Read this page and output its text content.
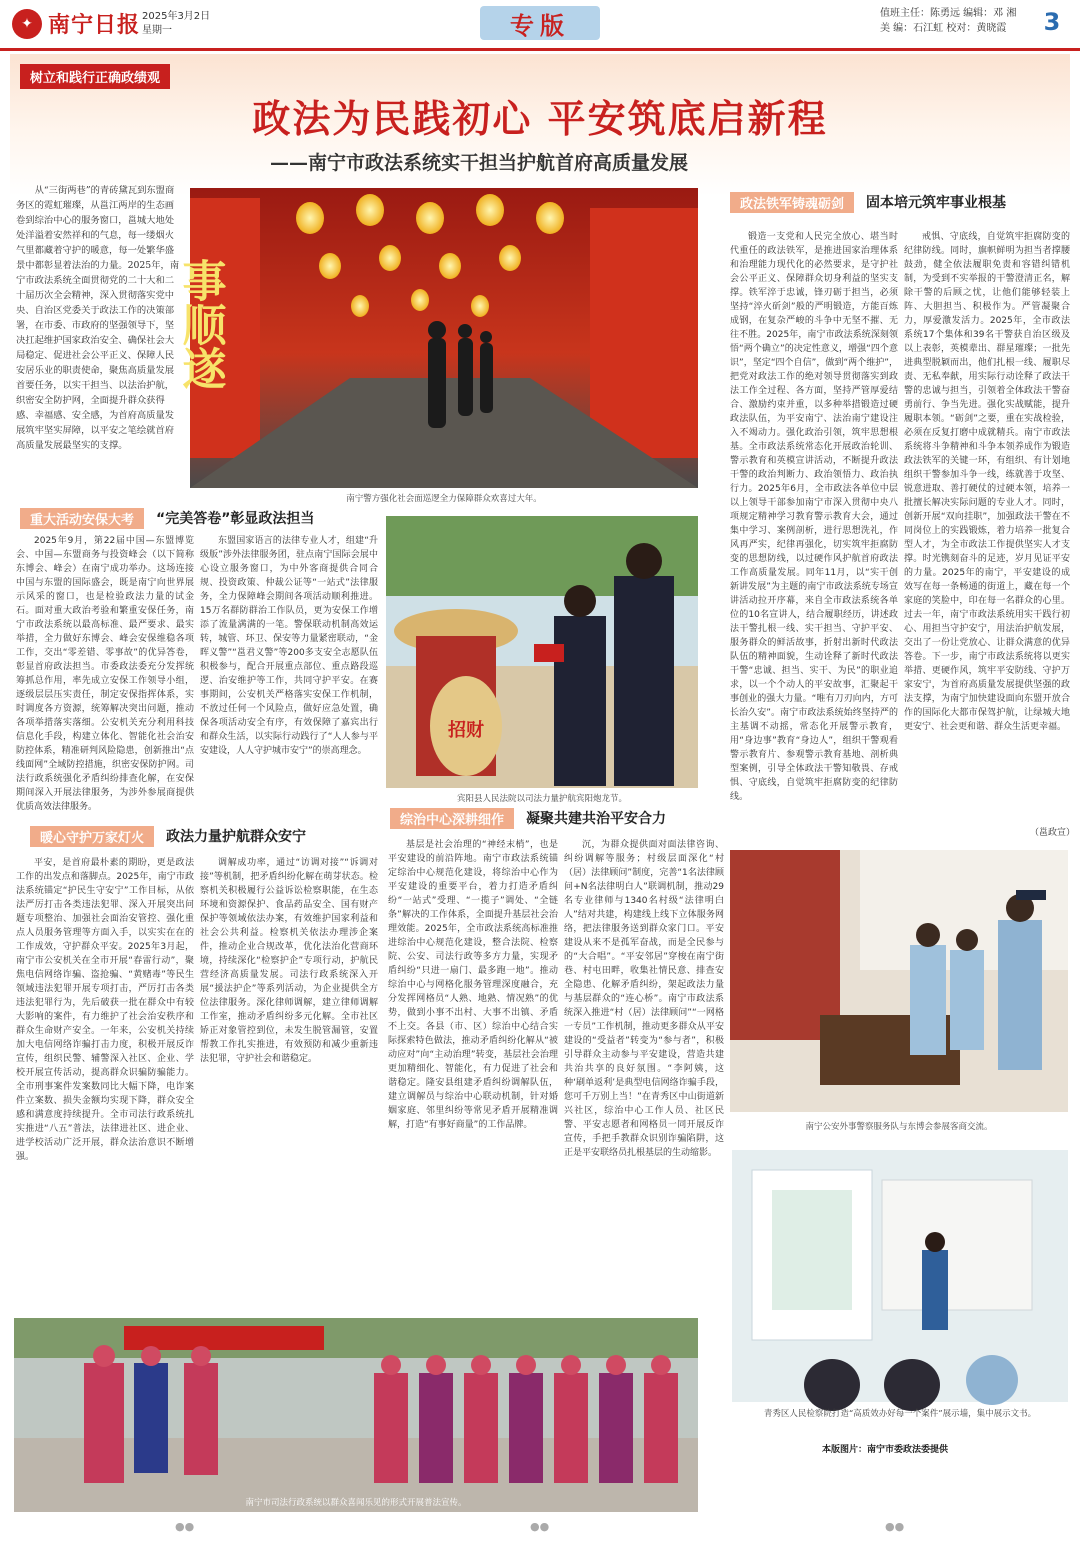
✦ 南宁日报 2025年3月2日
星期一	专版	值班主任：陈勇远 编辑：邓 湘
美 编：石江虹 校对：黄晓霞	3
树立和践行正确政绩观
政法为民践初心 平安筑底启新程
——南宁市政法系统实干担当护航首府高质量发展
从“三街两巷”的青砖黛瓦到东盟商务区的霓虹璀璨，从邕江两岸的生态画卷到综治中心的服务窗口，邕城大地处处洋溢着安然祥和的气息，每一缕烟火气里都藏着守护的暖意，每一处繁华盛景中都彰显着法治的力量。2025年，南宁市政法系统全面贯彻党的二十大和二十届历次全会精神，深入贯彻落实党中央、自治区党委关于政法工作的决策部署，在市委、市政府的坚强领导下，坚决扛起维护国家政治安全、确保社会大局稳定、促进社会公平正义、保障人民安居乐业的职责使命，聚焦高质量发展首要任务，以实干担当、以法治护航，织密安全防护网，全面提升群众获得感、幸福感、安全感，为首府高质量发展筑牢坚实屏障，以平安之笔绘就首府高质量发展最坚实的支撑。
事顺遂
南宁警方强化社会面巡逻全力保障群众欢喜过大年。
政法铁军铸魂砺剑	固本培元筑牢事业根基
锻造一支党和人民完全放心、堪当时代重任的政法铁军，是推进国家治理体系和治理能力现代化的必然要求，是守护社会公平正义、保障群众切身利益的坚实支撑。铁军淬于忠诚，锋刃砺于担当，必须坚持“淬火斫剑”般的严明锻造，方能百炼成钢，在复杂严峻的斗争中无坚不摧、无往不胜。2025年，南宁市政法系统深刻领悟“两个确立”的决定性意义，增强“四个意识”，坚定“四个自信”，做到“两个维护”，把党对政法工作的绝对领导贯彻落实到政法工作全过程、各方面，坚持严管厚爱结合、激励约束并重，以多种举措锻造过硬政法队伍，为平安南宁、法治南宁建设注入不竭动力。强化政治引领，筑牢思想根基。全市政法系统常态化开展政治轮训、警示教育和英模宣讲活动，不断提升政法干警的政治判断力、政治领悟力、政治执行力。2025年6月，全市政法各单位中层以上领导干部参加南宁市深入贯彻中央八项规定精神学习教育警示教育大会，通过集中学习、案例剖析，进行思想洗礼，作风再严实，纪律再强化，切实筑牢拒腐防变的思想防线，以过硬作风护航首府政法工作高质量发展。同年11月，以“实干创新讲发展”为主题的南宁市政法系统专场宣讲活动拉开序幕，来自全市政法系统各单位的10名宣讲人，结合履职经历，讲述政法干警扎根一线、实干担当、守护平安、服务群众的鲜活故事，折射出新时代政法队伍的精神面貌，生动诠释了新时代政法干警“忠诚、担当、实干、为民”的职业追求，以一个个动人的平安故事，汇聚起干事创业的强大力量。“唯有刀刃向内，方可长治久安”。南宁市政法系统始终坚持严的主基调不动摇，常态化开展警示教育，用“身边事”教育“身边人”，组织干警观看警示教育片、参观警示教育基地、剖析典型案例，引导全体政法干警知敬畏、存戒惧、守底线，自觉筑牢拒腐防变的纪律防线。
戒惧、守底线，自觉筑牢拒腐防变的纪律防线。同时，旗帜鲜明为担当者撑腰鼓劲，健全依法履职免责和容错纠错机制，为受到不实举报的干警澄清正名，解除干警的后顾之忧，让他们能够轻装上阵、大胆担当、积极作为。严管凝聚合力，厚爱激发活力。2025年，全市政法系统17个集体和39名干警获自治区级及以上表彰，英模辈出、群星璀璨；一批先进典型脱颖而出，他们扎根一线、履职尽责、无私奉献，用实际行动诠释了政法干警的忠诚与担当，引领着全体政法干警奋勇前行、争当先进。强化实战赋能，提升履职本领。“砺剑”之要，重在实战检验，必须在反复打磨中成就精兵。南宁市政法系统将斗争精神和斗争本领养成作为锻造政法铁军的关键一环，有组织、有计划地组织干警参加斗争一线，练就善于攻坚、锐意进取、善打硬仗的过硬本领，培养一批擅长解决实际问题的专业人才。同时，创新开展“双向挂职”，加强政法干警在不同岗位上的实践锻炼，着力培养一批复合型人才，为全市政法工作提供坚实人才支撑。时光镌刻奋斗的足迹，岁月见证平安的力量。2025年的南宁，平安建设的成效写在每一条畅通的街道上，藏在每一个家庭的笑脸中，印在每一名群众的心里。过去一年，南宁市政法系统用实干践行初心、用担当守护安宁，用法治护航发展，交出了一份让党放心、让群众满意的优异答卷。下一步，南宁市政法系统将以更实举措、更硬作风，筑牢平安防线、守护万家安宁，为首府高质量发展提供坚强的政法支撑，为南宁加快建设面向东盟开放合作的国际化大都市保驾护航，让绿城大地更安宁、社会更和谐、群众生活更幸福。
（邕政宣）
重大活动安保大考	“完美答卷”彰显政法担当
2025年9月，第22届中国—东盟博览会、中国—东盟商务与投资峰会（以下简称东博会、峰会）在南宁成功举办。这场连接中国与东盟的国际盛会，既是南宁向世界展示风采的窗口，也是检验政法力量的试金石。面对重大政治考验和繁重安保任务，南宁市政法系统以最高标准、最严要求、最实举措，全力做好东博会、峰会安保维稳各项工作，交出“零差错、零事故”的优异答卷，彰显首府政法担当。市委政法委充分发挥统筹抓总作用，率先成立安保工作领导小组，逐级层层压实责任，制定安保指挥体系，实时调度各方资源，统筹解决突出问题，推动各项举措落实落细。公安机关充分利用科技信息化手段，构建立体化、智能化社会治安防控体系，精准研判风险隐患，创新推出“点线面网”全域防控措施，织密安保防护网。司法行政系统强化矛盾纠纷排查化解，在安保期间深入开展法律服务，为涉外参展商提供优质高效法律服务。
东盟国家语言的法律专业人才，组建“升级版”涉外法律服务团，驻点南宁国际会展中心设立服务窗口，为中外客商提供合同合规、投资政策、仲裁公证等“一站式”法律服务，全力保障峰会期间各项活动顺利推进。15万名群防群治工作队员，更为安保工作增添了流量满满的一笔。警保联动机制高效运转，城管、环卫、保安等力量紧密联动，“金晖义警”“邕君义警”等200多支安全志愿队伍积极参与，配合开展重点部位、重点路段巡逻、治安维护等工作，共同守护平安。在赛事期间，公安机关严格落实安保工作机制，不放过任何一个风险点，做好应急处置，确保各项活动安全有序，有效保障了嘉宾出行和群众生活，以实际行动践行了“人人参与平安建设，人人守护城市安宁”的崇高理念。
招财
宾阳县人民法院以司法力量护航宾阳炮龙节。
暖心守护万家灯火	政法力量护航群众安宁
平安，是首府最朴素的期盼，更是政法工作的出发点和落脚点。2025年，南宁市政法系统锚定“护民生守安宁”工作目标，从依法严厉打击各类违法犯罪、深入开展突出问题专项整治、加强社会面治安管控、强化重点人员服务管理等方面入手，以实实在在的工作成效，守护群众平安。2025年3月起，南宁市公安机关在全市开展“春雷行动”，聚焦电信网络诈骗、盗抢骗、“黄赌毒”等民生领域违法犯罪开展专项打击，严厉打击各类违法犯罪行为，先后破获一批在群众中有较大影响的案件，有力维护了社会治安秩序和群众生命财产安全。一年来，公安机关持续加大电信网络诈骗打击力度，积极开展反诈宣传，组织民警、辅警深入社区、企业、学校开展宣传活动，提高群众识骗防骗能力。全市刑事案件发案数同比大幅下降，电诈案件立案数、损失金额均实现下降，群众安全感和满意度持续提升。全市司法行政系统扎实推进“八五”普法，法律进社区、进企业、进学校活动广泛开展，群众法治意识不断增强。
调解成功率，通过“访调对接”“诉调对接”等机制，把矛盾纠纷化解在萌芽状态。检察机关积极履行公益诉讼检察职能，在生态环境和资源保护、食品药品安全、国有财产保护等领域依法办案，有效维护国家利益和社会公共利益。检察机关依法办理涉企案件，推动企业合规改革，优化法治化营商环境，持续深化“检察护企”专项行动，护航民营经济高质量发展。司法行政系统深入开展“援法护企”等系列活动，为企业提供全方位法律服务。深化律师调解，建立律师调解工作室，推动矛盾纠纷多元化解。全市社区矫正对象管控到位，未发生脱管漏管，安置帮教工作扎实推进，有效预防和减少重新违法犯罪，守护社会和谐稳定。
综治中心深耕细作	凝聚共建共治平安合力
基层是社会治理的“神经末梢”，也是平安建设的前沿阵地。南宁市政法系统锚定综治中心规范化建设，将综治中心作为平安建设的重要平台，着力打造矛盾纠纷“一站式”受理、“一揽子”调处、“全链条”解决的工作体系，全面提升基层社会治理效能。2025年，全市政法系统高标准推进综治中心规范化建设，整合法院、检察院、公安、司法行政等多方力量，实现矛盾纠纷“只进一扇门、最多跑一地”。推动综治中心与网格化服务管理深度融合，充分发挥网格员“人熟、地熟、情况熟”的优势，做到小事不出村、大事不出镇、矛盾不上交。各县（市、区）综治中心结合实际探索特色做法，推动矛盾纠纷化解从“被动应对”向“主动治理”转变，基层社会治理更加精细化、智能化，有力促进了社会和谐稳定。隆安县组建矛盾纠纷调解队伍，建立调解员与综治中心联动机制，针对婚姻家庭、邻里纠纷等常见矛盾开展精准调解，打造“有事好商量”的工作品牌。
沉，为群众提供面对面法律咨询、纠纷调解等服务；村级层面深化“村（居）法律顾问”制度，完善“1名法律顾问+N名法律明白人”联调机制，推动29名专业律师与1340名村级“法律明白人”结对共建，构建线上线下立体服务网络，把法律服务送到群众家门口。平安建设从来不是孤军奋战，而是全民参与的“大合唱”。“平安邻居”穿梭在南宁街巷、村屯田畔，收集社情民意、排查安全隐患、化解矛盾纠纷，架起政法力量与基层群众的“连心桥”。南宁市政法系统深入推进“村（居）法律顾问”“一网格一专员”工作机制，推动更多群众从平安建设的“受益者”转变为“参与者”，积极引导群众主动参与平安建设，营造共建共治共享的良好氛围。“李阿姨，这种‘刷单返利’是典型电信网络诈骗手段，您可千万别上当！”在青秀区中山街道新兴社区，综治中心工作人员、社区民警、平安志愿者和网格员一同开展反诈宣传，手把手教群众识别诈骗陷阱，这正是平安联络员扎根基层的生动缩影。
南宁公安外事警察服务队与东博会参展客商交流。
青秀区人民检察院打造“高质效办好每一个案件”展示墙，集中展示文书。
本版图片：南宁市委政法委提供
南宁市司法行政系统以群众喜闻乐见的形式开展普法宣传。
●●	●●	●●
